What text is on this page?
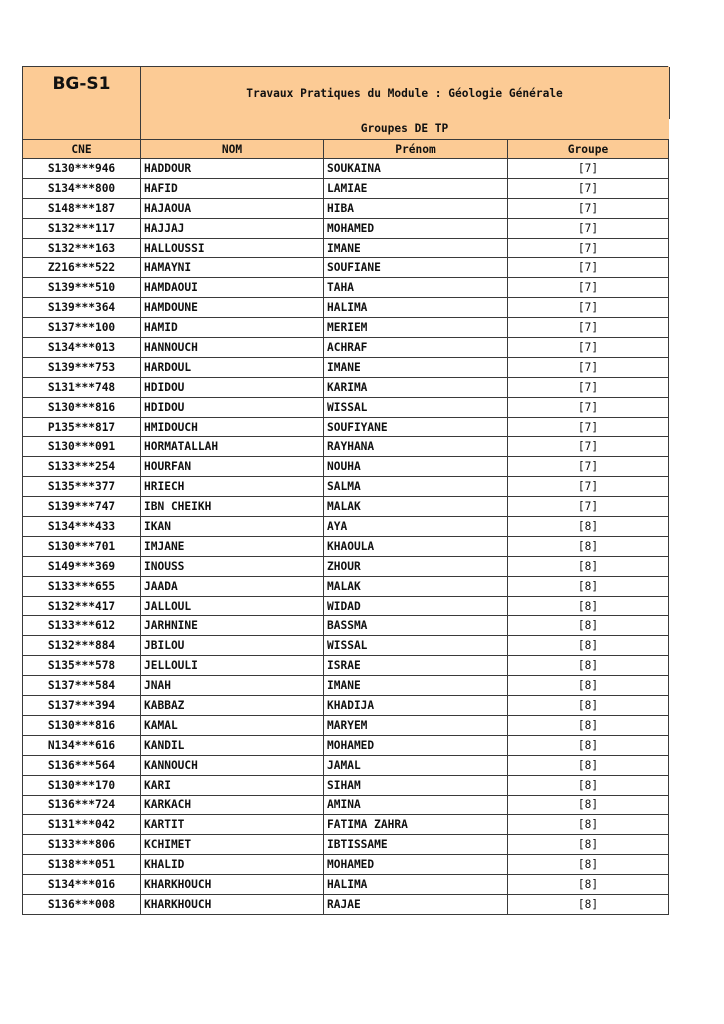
BG-S1	Travaux Pratiques du Module : Géologie Générale
Groupes DE TP		

CNE	NOM	Prénom	Groupe
S130***946	HADDOUR	SOUKAINA	[7]
S134***800	HAFID	LAMIAE	[7]
S148***187	HAJAOUA	HIBA	[7]
S132***117	HAJJAJ	MOHAMED	[7]
S132***163	HALLOUSSI	IMANE	[7]
Z216***522	HAMAYNI	SOUFIANE	[7]
S139***510	HAMDAOUI	TAHA	[7]
S139***364	HAMDOUNE	HALIMA	[7]
S137***100	HAMID	MERIEM	[7]
S134***013	HANNOUCH	ACHRAF	[7]
S139***753	HARDOUL	IMANE	[7]
S131***748	HDIDOU	KARIMA	[7]
S130***816	HDIDOU	WISSAL	[7]
P135***817	HMIDOUCH	SOUFIYANE	[7]
S130***091	HORMATALLAH	RAYHANA	[7]
S133***254	HOURFAN	NOUHA	[7]
S135***377	HRIECH	SALMA	[7]
S139***747	IBN CHEIKH	MALAK	[7]
S134***433	IKAN	AYA	[8]
S130***701	IMJANE	KHAOULA	[8]
S149***369	INOUSS	ZHOUR	[8]
S133***655	JAADA	MALAK	[8]
S132***417	JALLOUL	WIDAD	[8]
S133***612	JARHNINE	BASSMA	[8]
S132***884	JBILOU	WISSAL	[8]
S135***578	JELLOULI	ISRAE	[8]
S137***584	JNAH	IMANE	[8]
S137***394	KABBAZ	KHADIJA	[8]
S130***816	KAMAL	MARYEM	[8]
N134***616	KANDIL	MOHAMED	[8]
S136***564	KANNOUCH	JAMAL	[8]
S130***170	KARI	SIHAM	[8]
S136***724	KARKACH	AMINA	[8]
S131***042	KARTIT	FATIMA ZAHRA	[8]
S133***806	KCHIMET	IBTISSAME	[8]
S138***051	KHALID	MOHAMED	[8]
S134***016	KHARKHOUCH	HALIMA	[8]
S136***008	KHARKHOUCH	RAJAE	[8]
